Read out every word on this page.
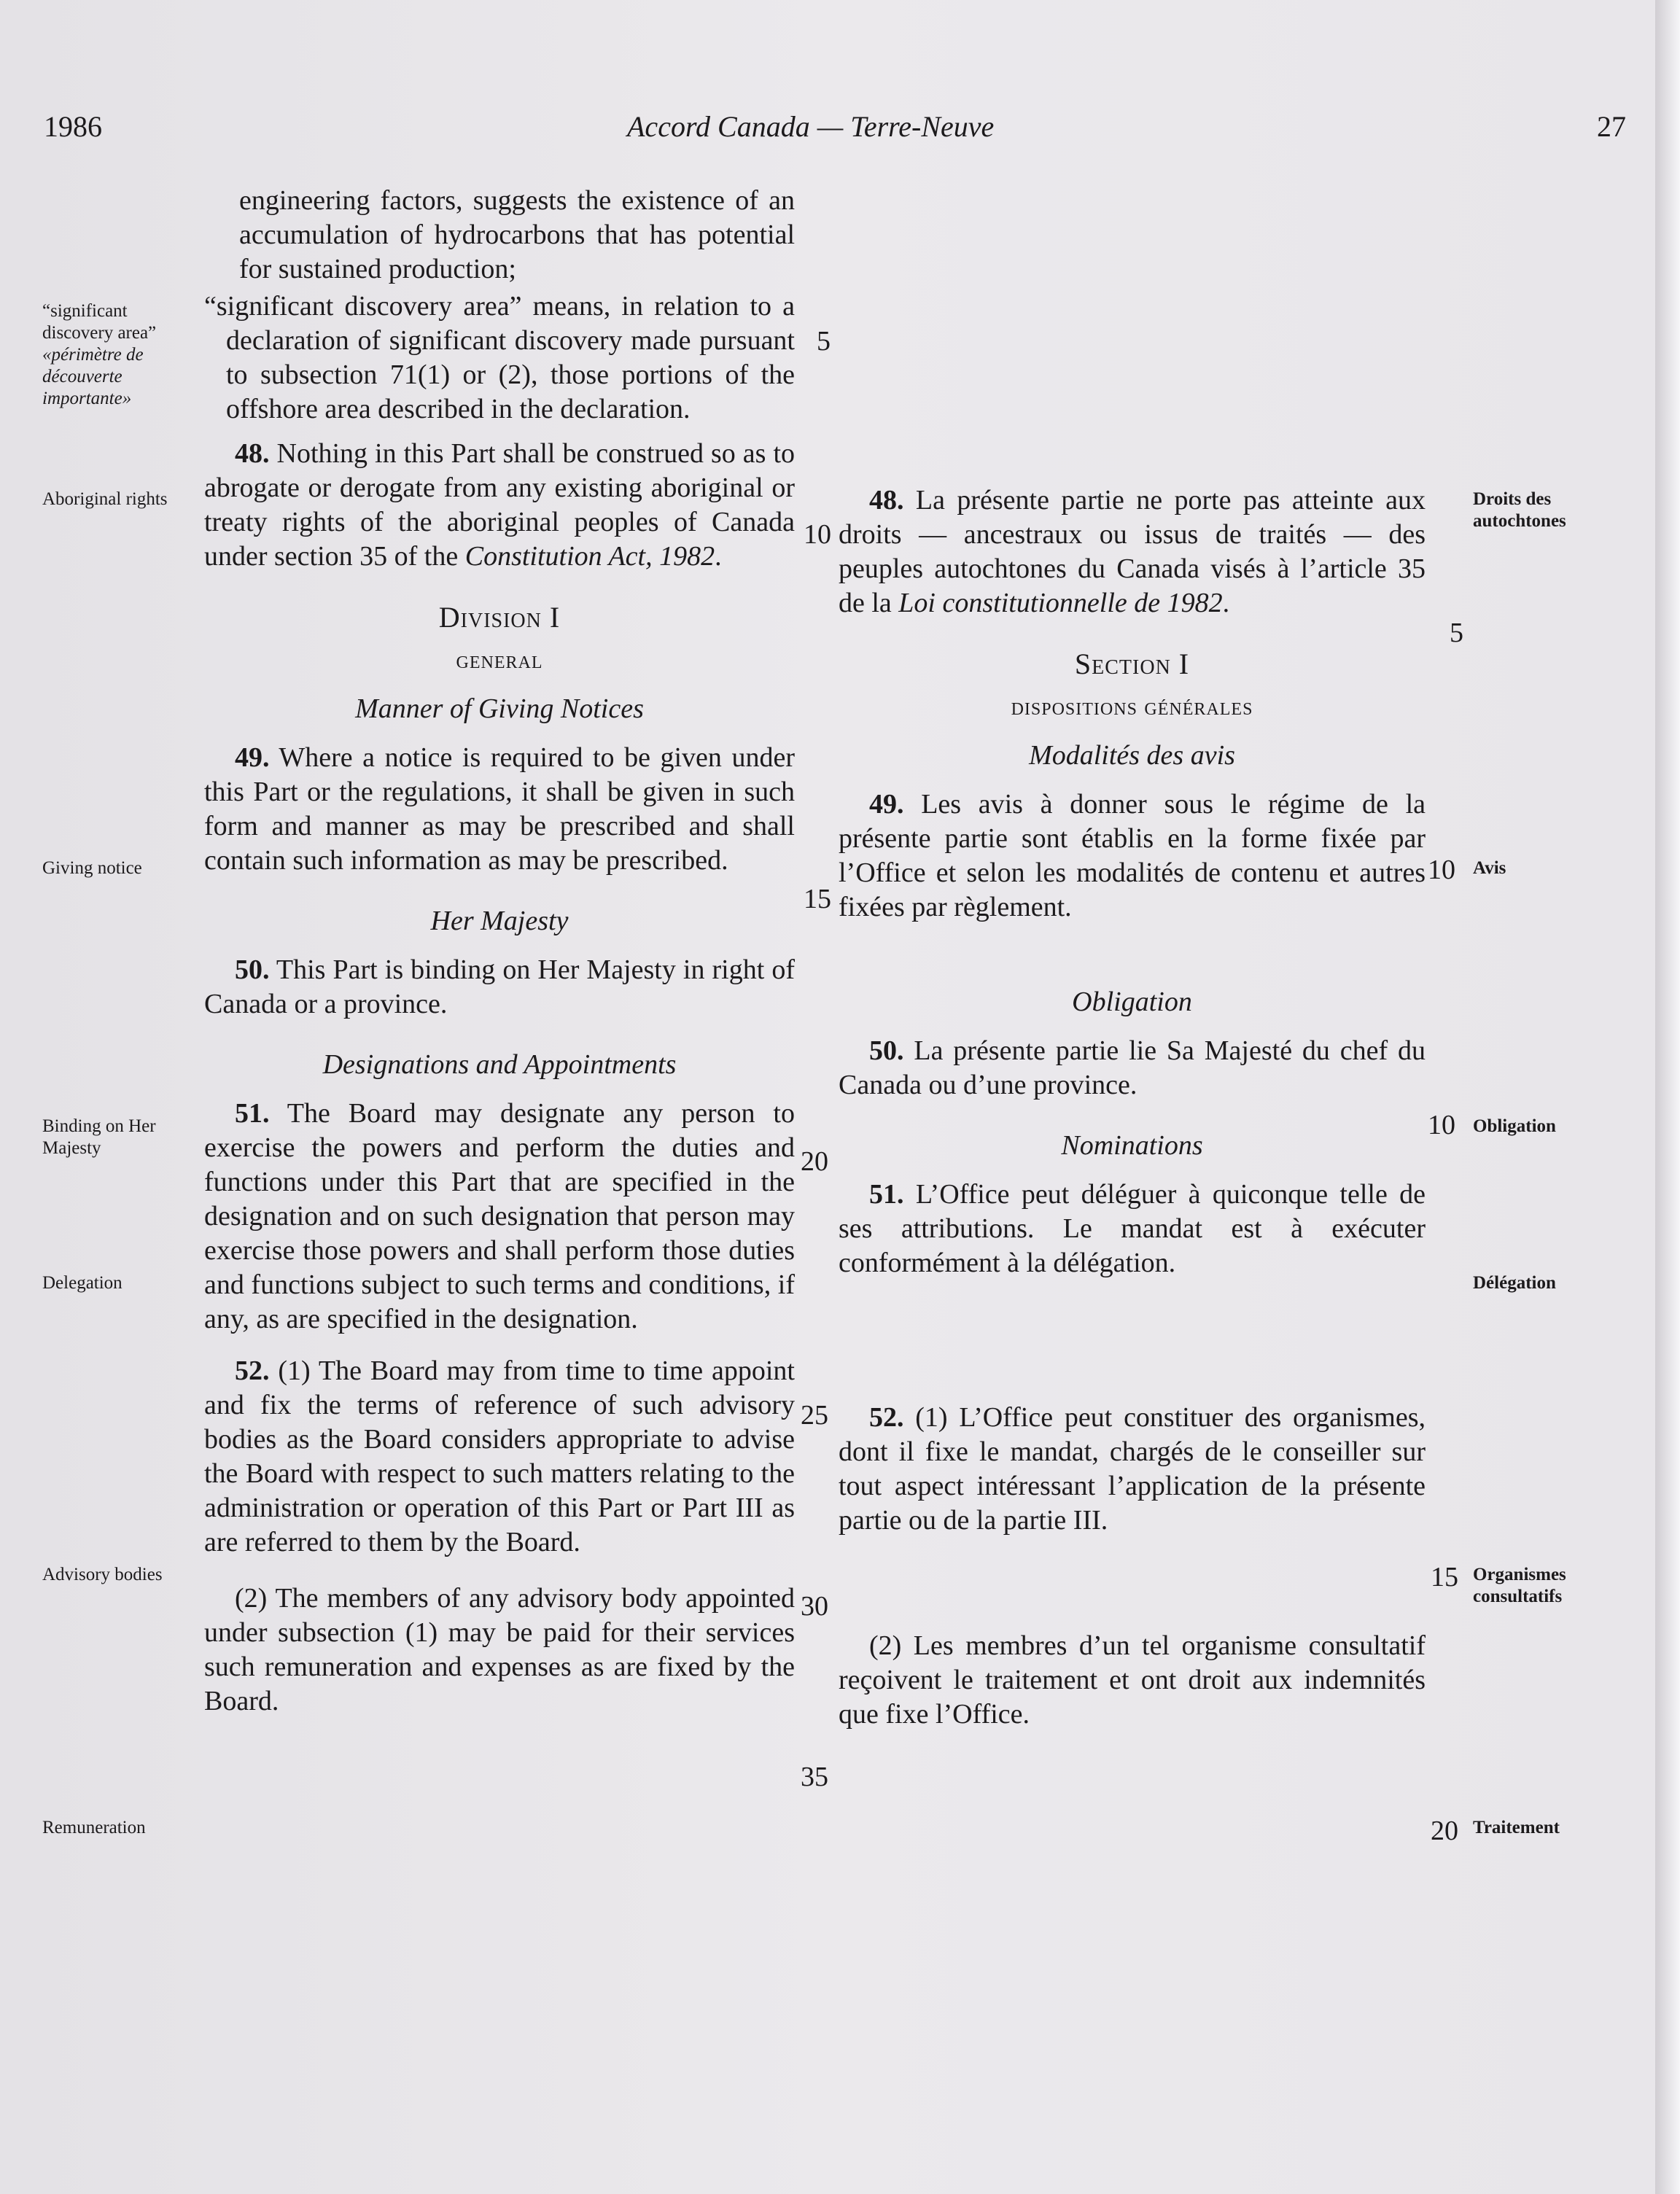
1986	Accord Canada — Terre-Neuve	27

engineering factors, suggests the existence of an accumulation of hydrocarbons that has potential for sustained production;

“significant discovery area” means, in relation to a declaration of significant discovery made pursuant to subsection 71(1) or (2), those portions of the offshore area described in the declaration.

48. Nothing in this Part shall be construed so as to abrogate or derogate from any existing aboriginal or treaty rights of the aboriginal peoples of Canada under section 35 of the Constitution Act, 1982.

Division I

general

Manner of Giving Notices

49. Where a notice is required to be given under this Part or the regulations, it shall be given in such form and manner as may be prescribed and shall contain such information as may be prescribed.

Her Majesty

50. This Part is binding on Her Majesty in right of Canada or a province.

Designations and Appointments

51. The Board may designate any person to exercise the powers and perform the duties and functions under this Part that are specified in the designation and on such designation that person may exercise those powers and shall perform those duties and functions subject to such terms and conditions, if any, as are specified in the designation.

52. (1) The Board may from time to time appoint and fix the terms of reference of such advisory bodies as the Board considers appropriate to advise the Board with respect to such matters relating to the administration or operation of this Part or Part III as are referred to them by the Board.

(2) The members of any advisory body appointed under subsection (1) may be paid for their services such remuneration and expenses as are fixed by the Board.

48. La présente partie ne porte pas atteinte aux droits — ancestraux ou issus de traités — des peuples autochtones du Canada visés à l’article 35 de la Loi constitutionnelle de 1982.

Section I

dispositions générales

Modalités des avis

49. Les avis à donner sous le régime de la présente partie sont établis en la forme fixée par l’Office et selon les modalités de contenu et autres fixées par règlement.

Obligation

50. La présente partie lie Sa Majesté du chef du Canada ou d’une province.

Nominations

51. L’Office peut déléguer à quiconque telle de ses attributions. Le mandat est à exécuter conformément à la délégation.

52. (1) L’Office peut constituer des organismes, dont il fixe le mandat, chargés de le conseiller sur tout aspect intéressant l’application de la présente partie ou de la partie III.

(2) Les membres d’un tel organisme consultatif reçoivent le traitement et ont droit aux indemnités que fixe l’Office.

“significant discovery area”
«périmètre de découverte importante»
Aboriginal rights
Giving notice
Binding on Her Majesty
Delegation
Advisory bodies
Remuneration
Droits des autochtones
Avis
Obligation
Délégation
Organismes consultatifs
Traitement
5
10
5
15
10
10
20
25
30
15
35
20
